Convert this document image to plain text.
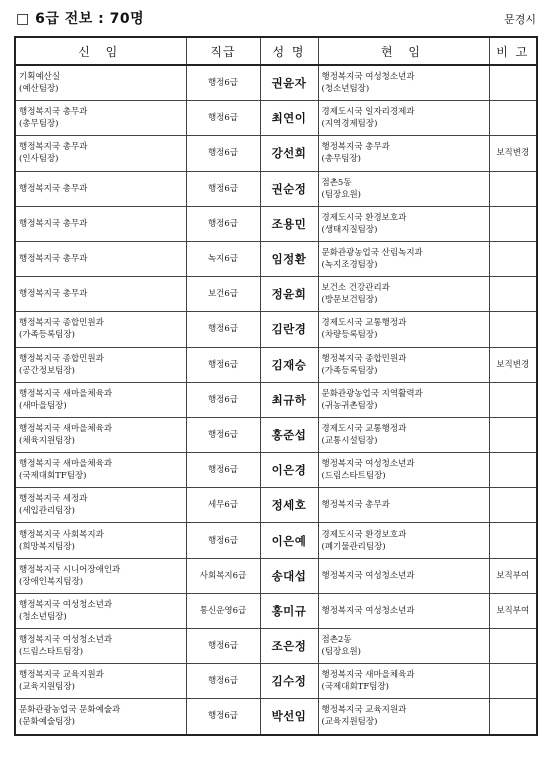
□ 6급 전보 : 70명	문경시
신 임	직급	성 명	현 임	비 고

기획예산실
(예산팀장)	행정6급	권윤자	행정복지국 여성청소년과
(청소년팀장)	

행정복지국 총무과
(총무팀장)	행정6급	최연이	경제도시국 일자리경제과
(지역경제팀장)	

행정복지국 총무과
(인사팀장)	행정6급	강선희	행정복지국 총무과
(총무팀장)	보직변경

행정복지국 총무과	행정6급	권순정	점촌5동
(팀장요원)	

행정복지국 총무과	행정6급	조용민	경제도시국 환경보호과
(생태지질팀장)	

행정복지국 총무과	녹지6급	임정환	문화관광농업국 산림녹지과
(녹지조경팀장)	

행정복지국 총무과	보건6급	정윤희	보건소 건강관리과
(방문보건팀장)	

행정복지국 종합민원과
(가족등록팀장)	행정6급	김란경	경제도시국 교통행정과
(차량등록팀장)	

행정복지국 종합민원과
(공간정보팀장)	행정6급	김재승	행정복지국 종합민원과
(가족등록팀장)	보직변경

행정복지국 새마을체육과
(새마을팀장)	행정6급	최규하	문화관광농업국 지역활력과
(귀농귀촌팀장)	

행정복지국 새마을체육과
(체육지원팀장)	행정6급	홍준섭	경제도시국 교통행정과
(교통시설팀장)	

행정복지국 새마을체육과
(국제대회TF팀장)	행정6급	이은경	행정복지국 여성청소년과
(드림스타트팀장)	

행정복지국 세정과
(세입관리팀장)	세무6급	정세호	행정복지국 총무과	

행정복지국 사회복지과
(희망복지팀장)	행정6급	이은예	경제도시국 환경보호과
(폐기물관리팀장)	

행정복지국 시니어장애인과
(장애인복지팀장)	사회복지6급	송대섭	행정복지국 여성청소년과	보직부여

행정복지국 여성청소년과
(청소년팀장)	통신운영6급	홍미규	행정복지국 여성청소년과	보직부여

행정복지국 여성청소년과
(드림스타트팀장)	행정6급	조은정	점촌2동
(팀장요원)	

행정복지국 교육지원과
(교육지원팀장)	행정6급	김수정	행정복지국 새마을체육과
(국제대회TF팀장)	

문화관광농업국 문화예술과
(문화예술팀장)	행정6급	박선임	행정복지국 교육지원과
(교육지원팀장)	
